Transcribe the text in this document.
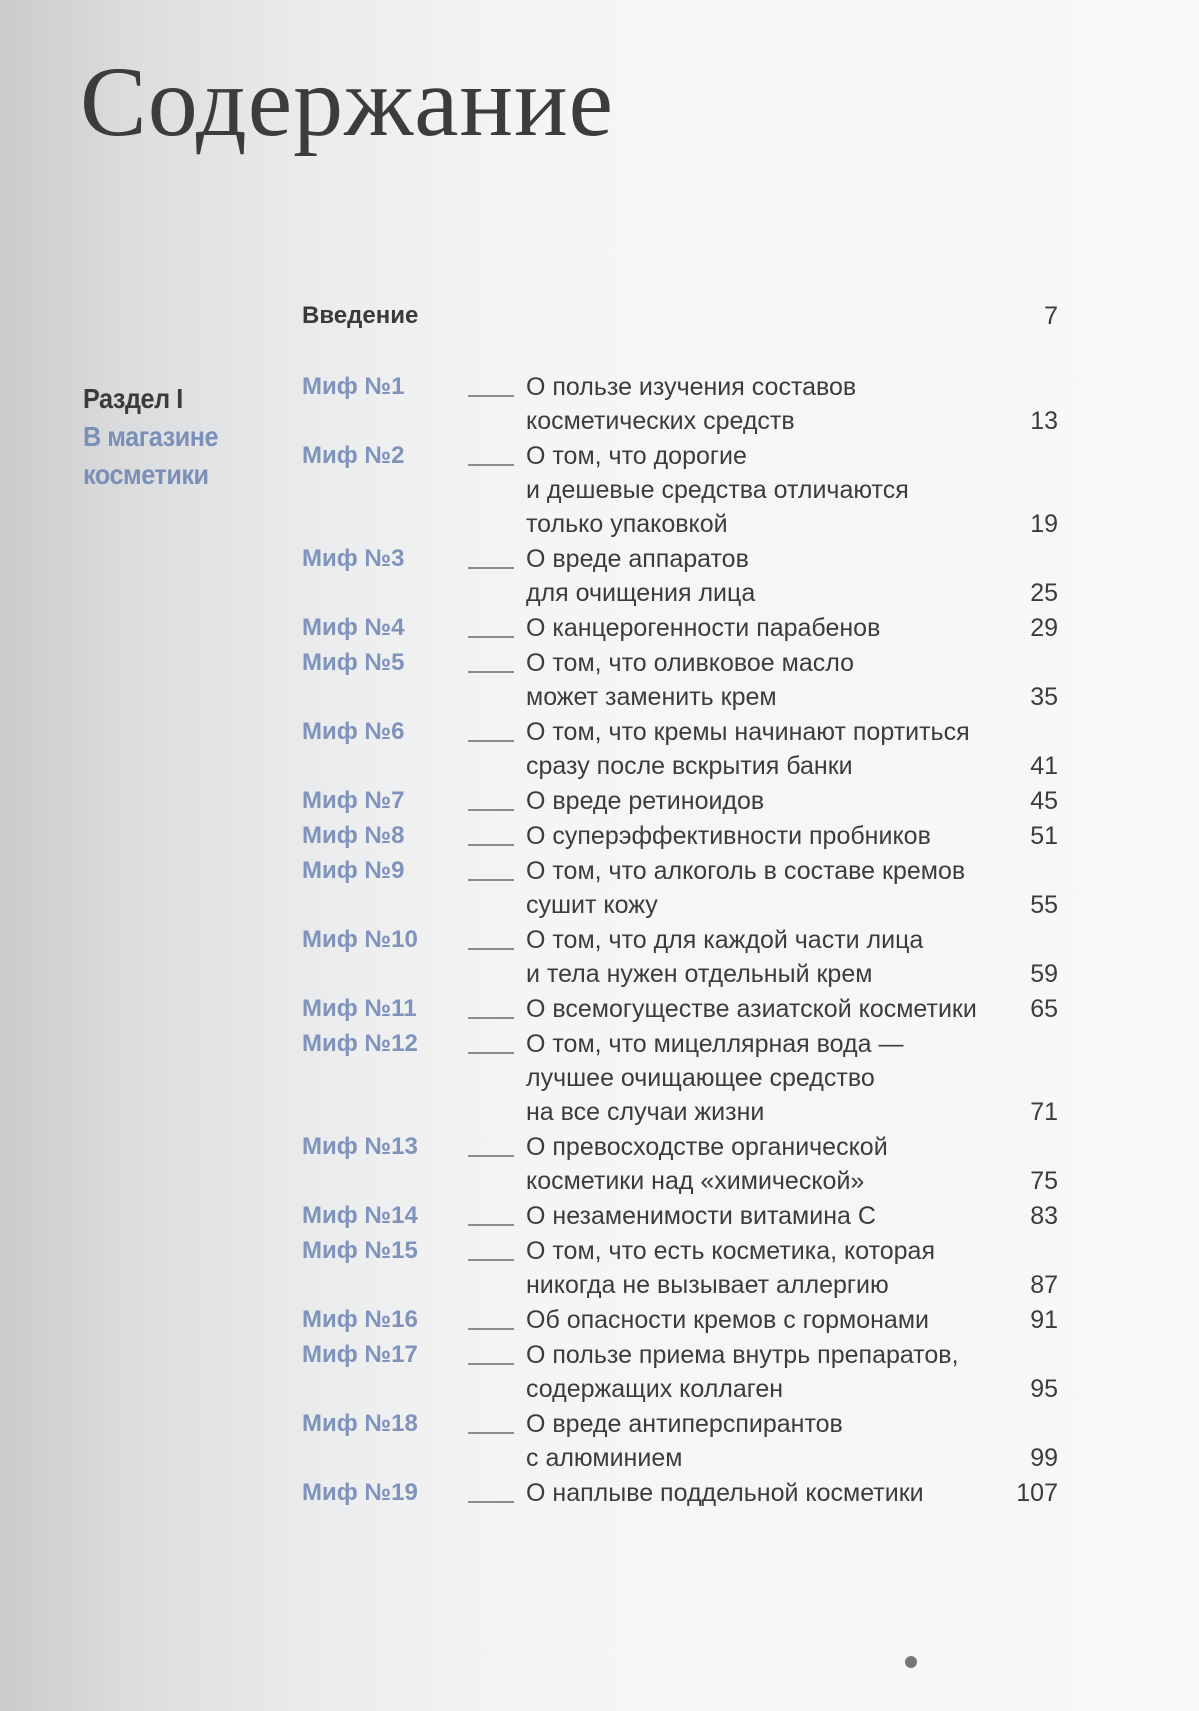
Содержание
Введение	7
Раздел I
В магазине косметики
Миф №1	О пользе изучения составов
косметических средств	13
Миф №2	О том, что дорогие
и дешевые средства отличаются
только упаковкой	19
Миф №3	О вреде аппаратов
для очищения лица	25
Миф №4	О канцерогенности парабенов	29
Миф №5	О том, что оливковое масло
может заменить крем	35
Миф №6	О том, что кремы начинают портиться
сразу после вскрытия банки	41
Миф №7	О вреде ретиноидов	45
Миф №8	О суперэффективности пробников	51
Миф №9	О том, что алкоголь в составе кремов
сушит кожу	55
Миф №10	О том, что для каждой части лица
и тела нужен отдельный крем	59
Миф №11	О всемогуществе азиатской косметики	65
Миф №12	О том, что мицеллярная вода —
лучшее очищающее средство
на все случаи жизни	71
Миф №13	О превосходстве органической
косметики над «химической»	75
Миф №14	О незаменимости витамина С	83
Миф №15	О том, что есть косметика, которая
никогда не вызывает аллергию	87
Миф №16	Об опасности кремов с гормонами	91
Миф №17	О пользе приема внутрь препаратов,
содержащих коллаген	95
Миф №18	О вреде антиперспирантов
с алюминием	99
Миф №19	О наплыве поддельной косметики	107
